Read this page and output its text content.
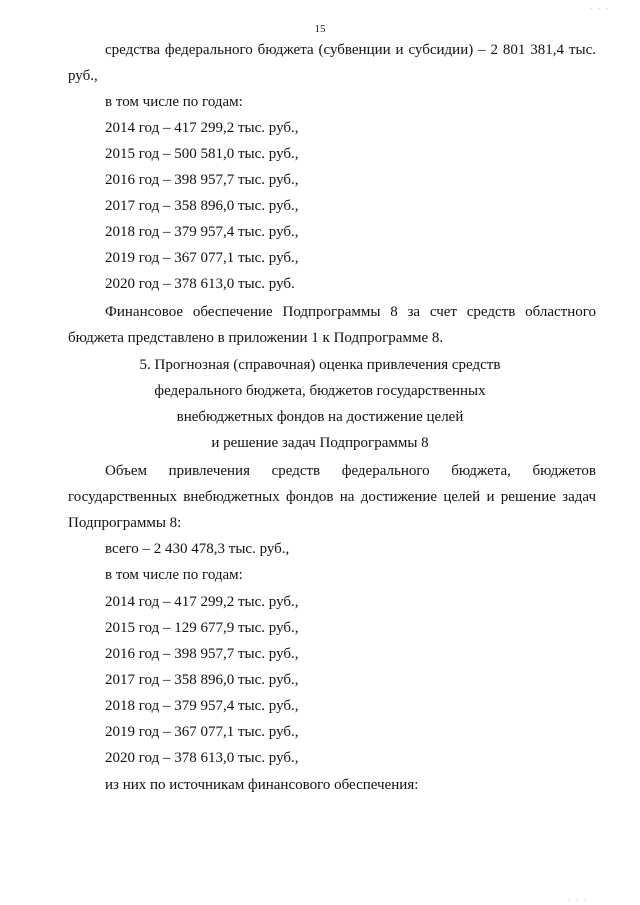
. . .
15
средства федерального бюджета (субвенции и субсидии) – 2 801 381,4 тыс.
руб.,
в том числе по годам:
2014 год – 417 299,2 тыс. руб.,
2015 год – 500 581,0 тыс. руб.,
2016 год – 398 957,7 тыс. руб.,
2017 год – 358 896,0 тыс. руб.,
2018 год – 379 957,4 тыс. руб.,
2019 год – 367 077,1 тыс. руб.,
2020 год – 378 613,0 тыс. руб.
Финансовое обеспечение Подпрограммы 8 за счет средств областного
бюджета представлено в приложении 1 к Подпрограмме 8.
5. Прогнозная (справочная) оценка привлечения средств
федерального бюджета, бюджетов государственных
внебюджетных фондов на достижение целей
и решение задач Подпрограммы 8
Объем привлечения средств федерального бюджета, бюджетов
государственных внебюджетных фондов на достижение целей и решение задач
Подпрограммы 8:
всего – 2 430 478,3 тыс. руб.,
в том числе по годам:
2014 год – 417 299,2 тыс. руб.,
2015 год – 129 677,9 тыс. руб.,
2016 год – 398 957,7 тыс. руб.,
2017 год – 358 896,0 тыс. руб.,
2018 год – 379 957,4 тыс. руб.,
2019 год – 367 077,1 тыс. руб.,
2020 год – 378 613,0 тыс. руб.,
из них по источникам финансового обеспечения:
. . .
